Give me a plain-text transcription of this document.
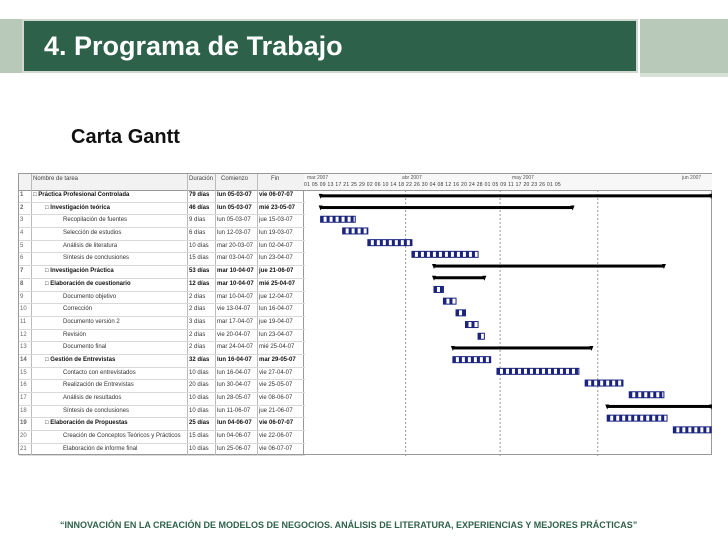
4. Programa de Trabajo
Carta Gantt
Nombre de tarea	Duración Comienzo	Fin
1	□ Práctica Profesional Controlada	79 días	lun 05-03-07	vie 06-07-07
2	□ Investigación teórica	46 días	lun 05-03-07	mié 23-05-07
3	Recopilación de fuentes	9 días	lun 05-03-07	jue 15-03-07
4	Selección de estudios	6 días	lun 12-03-07	lun 19-03-07
5	Análisis de literatura	10 días	mar 20-03-07 lun 02-04-07
6	Síntesis de conclusiones	15 días	mar 03-04-07 lun 23-04-07
7	□ Investigación Práctica	53 días	mar 10-04-07 jue 21-06-07
8	□ Elaboración de cuestionario	12 días	mar 10-04-07 mié 25-04-07
9	Documento objetivo	2 días	mar 10-04-07 jue 12-04-07
10	Corrección	2 días	vie 13-04-07	lun 16-04-07
11	Documento versión 2	3 días	mar 17-04-07 jue 19-04-07
12	Revisión	2 días	vie 20-04-07	lun 23-04-07
13	Documento final	2 días	mar 24-04-07 mié 25-04-07
14	□ Gestión de Entrevistas	32 días	lun 16-04-07	mar 29-05-07
15	Contacto con entrevistados	10 días	lun 16-04-07	vie 27-04-07
16	Realización de Entrevistas	20 días	lun 30-04-07	vie 25-05-07
17	Análisis de resultados	10 días	lun 28-05-07	vie 08-06-07
18	Síntesis de conclusiones	10 días	lun 11-06-07	jue 21-06-07
19	□ Elaboración de Propuestas	25 días	lun 04-06-07	vie 06-07-07
20	Creación de Conceptos Teóricos y Prácticos	15 días	lun 04-06-07	vie 22-06-07
21	Elaboración de informe final	10 días	lun 25-06-07	vie 06-07-07
mar 2007	abr 2007	may 2007	jun 2007
01 05 09 13 17 21 25 29 02 06 10 14 18 22 26 30 04 08 12 16 20 24 28 01 05 09 11 17 20 23 26 01 05
“INNOVACIÓN EN LA CREACIÓN DE MODELOS DE NEGOCIOS. ANÁLISIS DE LITERATURA, EXPERIENCIAS Y MEJORES PRÁCTICAS”
